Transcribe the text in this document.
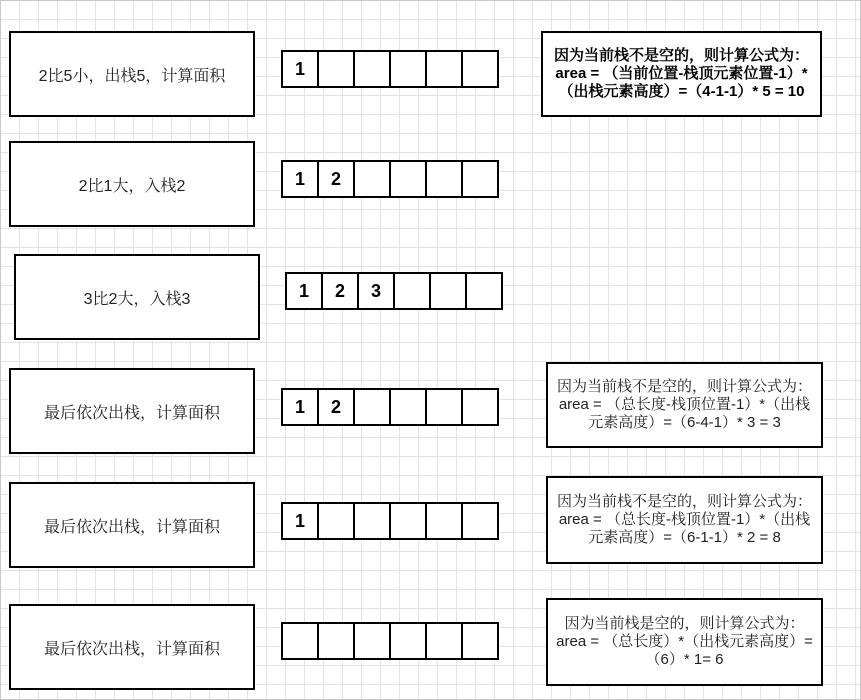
2比5小，出栈5，计算面积	1
因为当前栈不是空的，则计算公式为：area = （当前位置-栈顶元素位置-1）*（出栈元素高度）=（4-1-1）* 5 = 10
2比1大，入栈2	1	2
3比2大，入栈3	1	2	3
最后依次出栈，计算面积	1	2
因为当前栈不是空的，则计算公式为：area = （总长度-栈顶位置-1）*（出栈元素高度）=（6-4-1）* 3 = 3
最后依次出栈，计算面积	1
因为当前栈不是空的，则计算公式为：area = （总长度-栈顶位置-1）*（出栈元素高度）=（6-1-1）* 2 = 8
最后依次出栈，计算面积
因为当前栈是空的，则计算公式为：area = （总长度）*（出栈元素高度）=（6）* 1= 6
